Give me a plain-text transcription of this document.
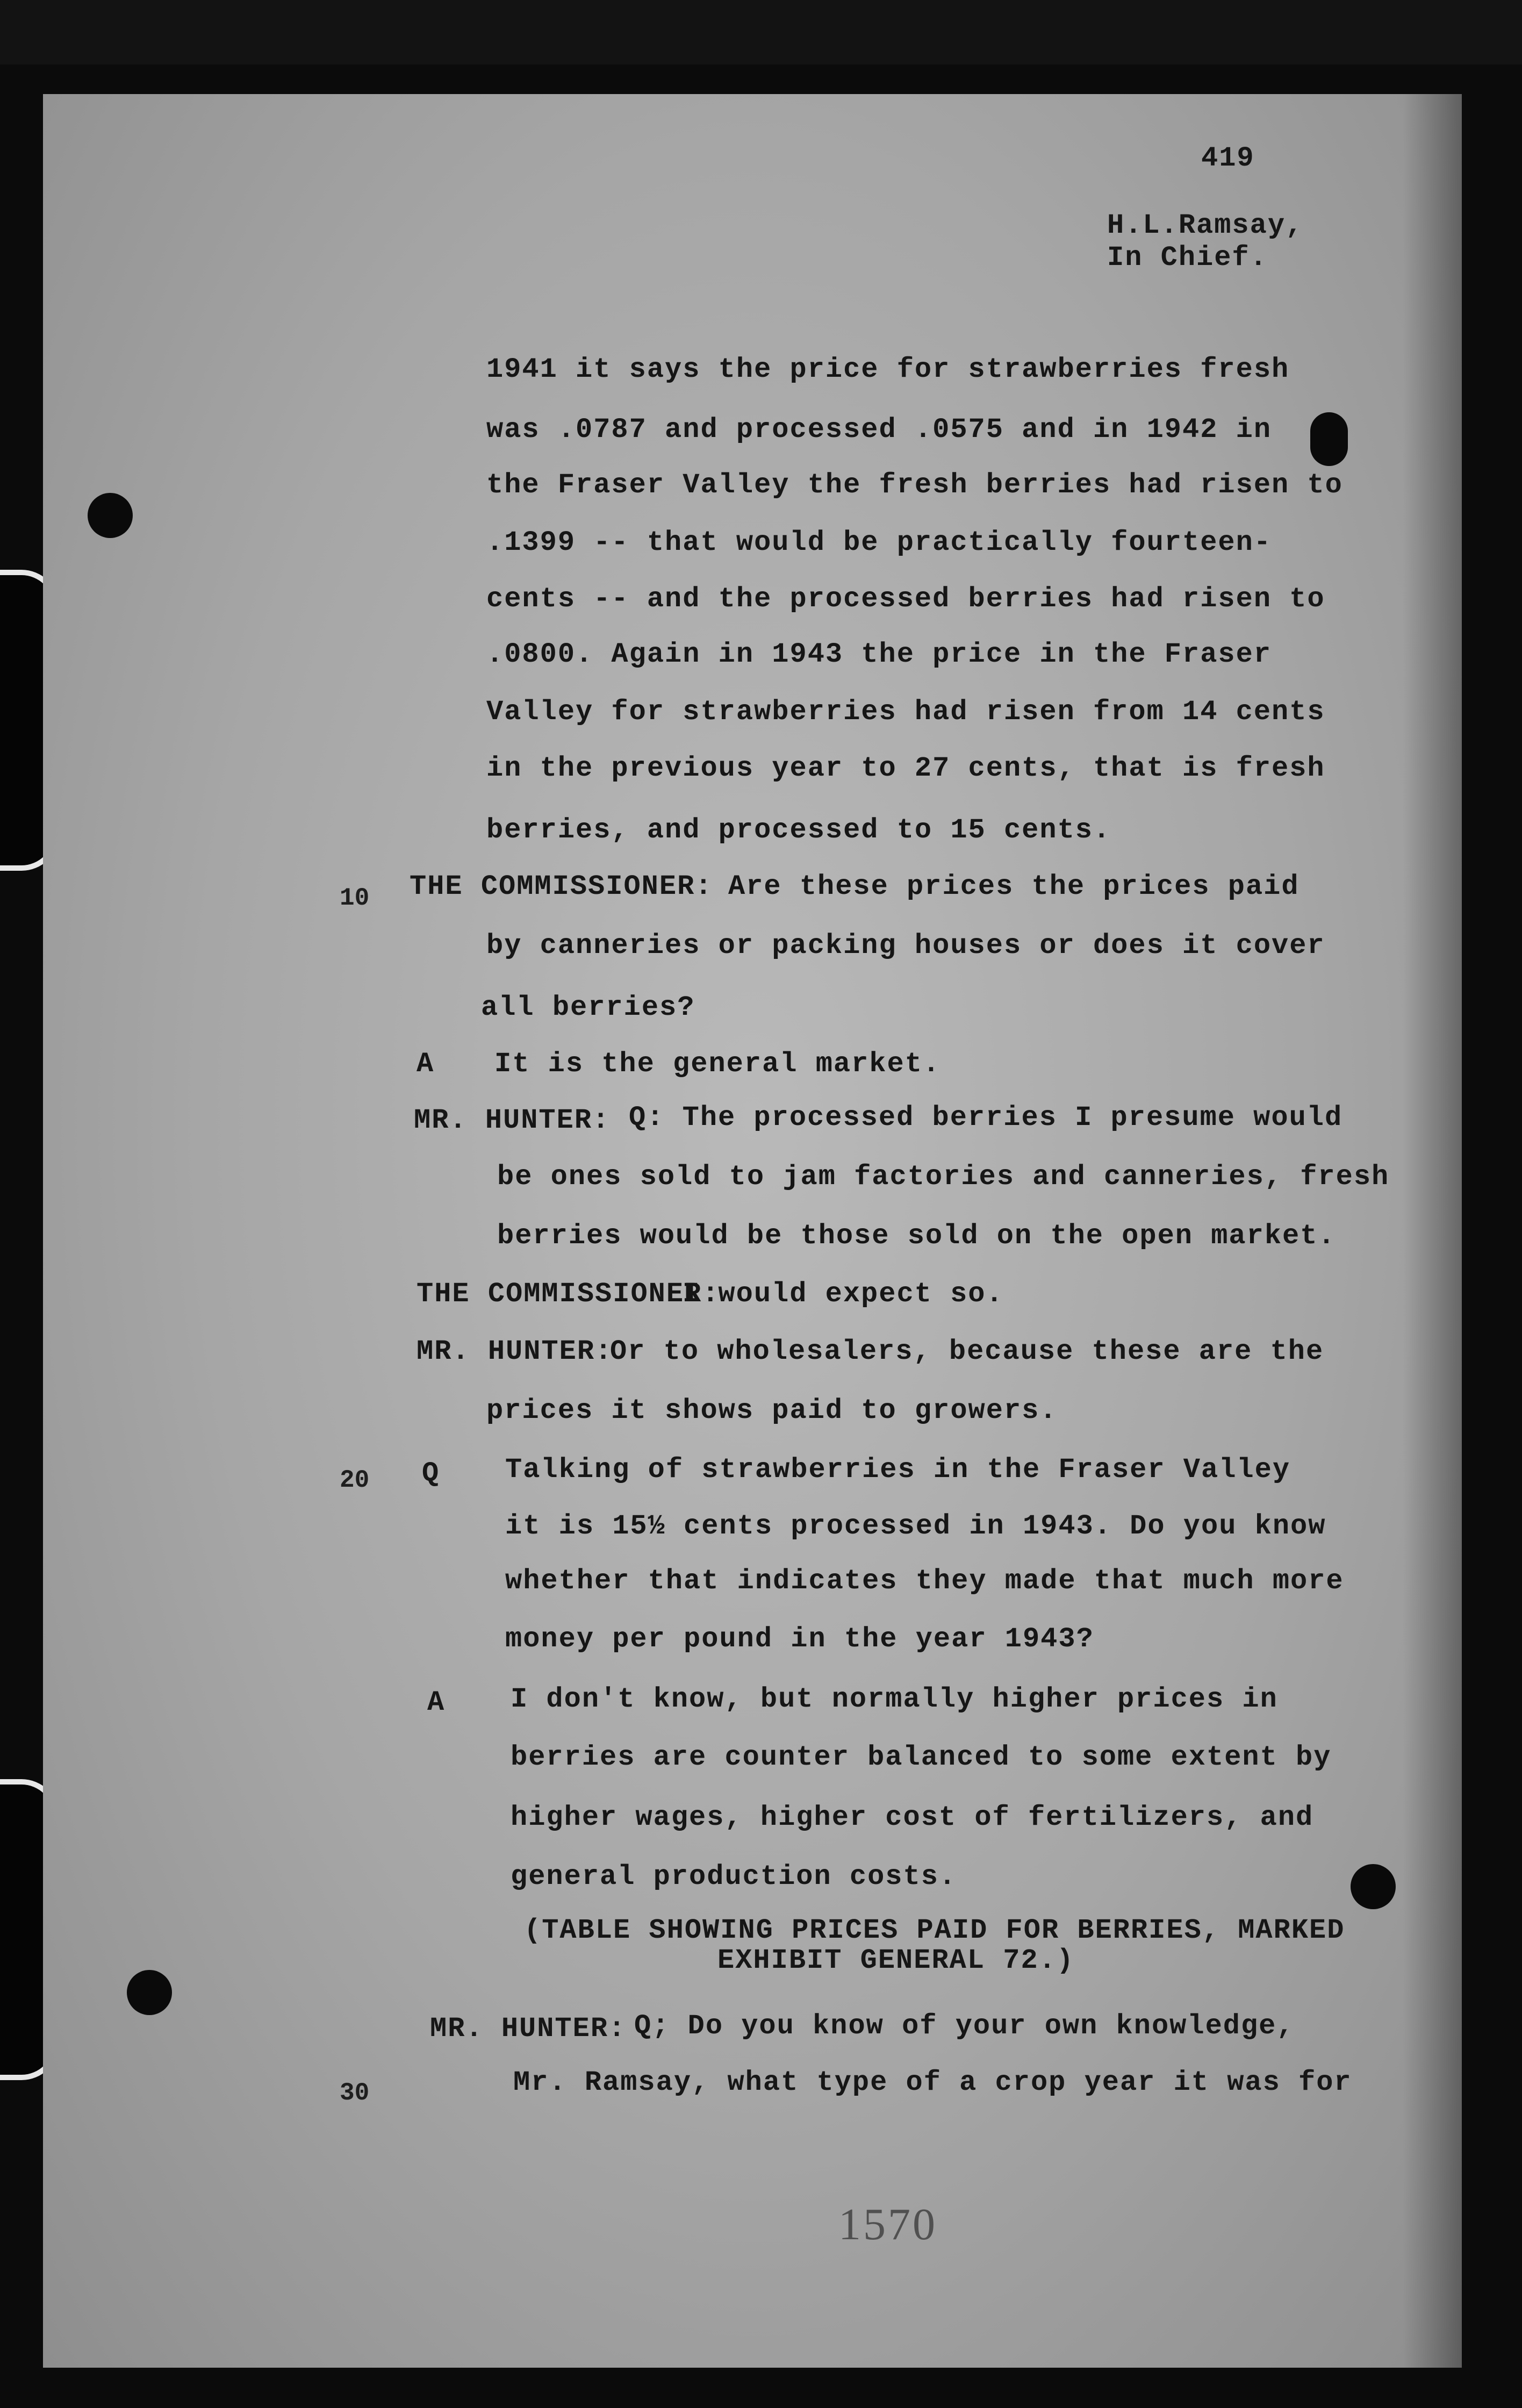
419
H.L.Ramsay,
In Chief.
1941 it says the price for strawberries fresh
was .0787 and processed .0575 and in 1942 in
the Fraser Valley the fresh berries had risen to
.1399 -- that would be practically fourteen-
cents -- and the processed berries had risen to
.0800. Again in 1943 the price in the Fraser
Valley for strawberries had risen from 14 cents
in the previous year to 27 cents, that is fresh
berries, and processed to 15 cents.
10 THE COMMISSIONER: Are these prices the prices paid
by canneries or packing houses or does it cover
all berries?
A It is the general market.
MR. HUNTER: Q: The processed berries I presume would
be ones sold to jam factories and canneries, fresh
berries would be those sold on the open market.
THE COMMISSIONER:
I would expect so.
MR. HUNTER:
Or to wholesalers, because these are the
prices it shows paid to growers.
20 Q Talking of strawberries in the Fraser Valley
it is 15½ cents processed in 1943. Do you know
whether that indicates they made that much more
money per pound in the year 1943?
A I don't know, but normally higher prices in
berries are counter balanced to some extent by
higher wages, higher cost of fertilizers, and
general production costs.
(TABLE SHOWING PRICES PAID FOR BERRIES, MARKED
EXHIBIT GENERAL 72.)
MR. HUNTER: Q; Do you know of your own knowledge,
30	Mr. Ramsay, what type of a crop year it was for
1570
